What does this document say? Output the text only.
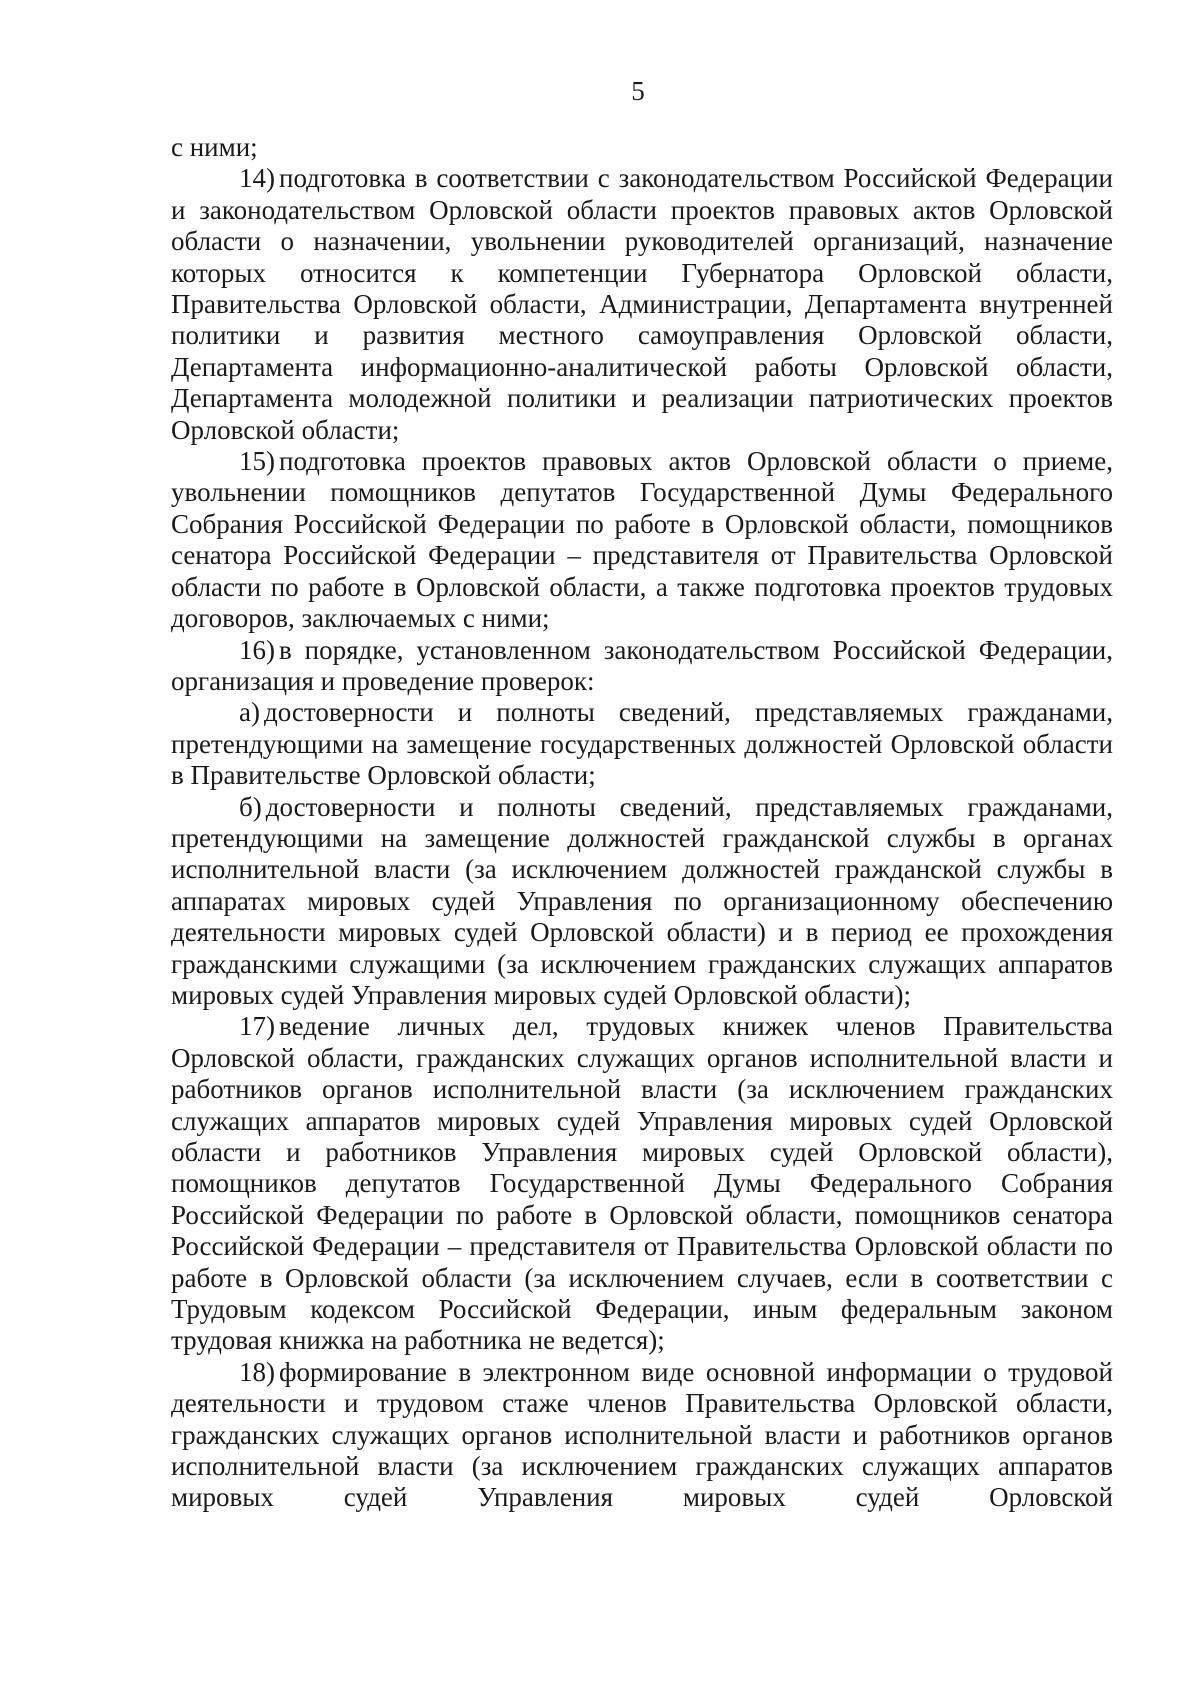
5

с ними;

14) подготовка в соответствии с законодательством Российской Федерации и законодательством Орловской области проектов правовых актов Орловской области о назначении, увольнении руководителей организаций, назначение которых относится к компетенции Губернатора Орловской области, Правительства Орловской области, Администрации, Департамента внутренней политики и развития местного самоуправления Орловской области, Департамента информационно-аналитической работы Орловской области, Департамента молодежной политики и реализации патриотических проектов Орловской области;

15) подготовка проектов правовых актов Орловской области о приеме, увольнении помощников депутатов Государственной Думы Федерального Собрания Российской Федерации по работе в Орловской области, помощников сенатора Российской Федерации – представителя от Правительства Орловской области по работе в Орловской области, а также подготовка проектов трудовых договоров, заключаемых с ними;

16) в порядке, установленном законодательством Российской Федерации, организация и проведение проверок:

а) достоверности и полноты сведений, представляемых гражданами, претендующими на замещение государственных должностей Орловской области в Правительстве Орловской области;

б) достоверности и полноты сведений, представляемых гражданами, претендующими на замещение должностей гражданской службы в органах исполнительной власти (за исключением должностей гражданской службы в аппаратах мировых судей Управления по организационному обеспечению деятельности мировых судей Орловской области) и в период ее прохождения гражданскими служащими (за исключением гражданских служащих аппаратов мировых судей Управления мировых судей Орловской области);

17) ведение личных дел, трудовых книжек членов Правительства Орловской области, гражданских служащих органов исполнительной власти и работников органов исполнительной власти (за исключением гражданских служащих аппаратов мировых судей Управления мировых судей Орловской области и работников Управления мировых судей Орловской области), помощников депутатов Государственной Думы Федерального Собрания Российской Федерации по работе в Орловской области, помощников сенатора Российской Федерации – представителя от Правительства Орловской области по работе в Орловской области (за исключением случаев, если в соответствии с Трудовым кодексом Российской Федерации, иным федеральным законом трудовая книжка на работника не ведется);

18) формирование в электронном виде основной информации о трудовой деятельности и трудовом стаже членов Правительства Орловской области, гражданских служащих органов исполнительной власти и работников органов исполнительной власти (за исключением гражданских служащих аппаратов мировых судей Управления мировых судей Орловской
